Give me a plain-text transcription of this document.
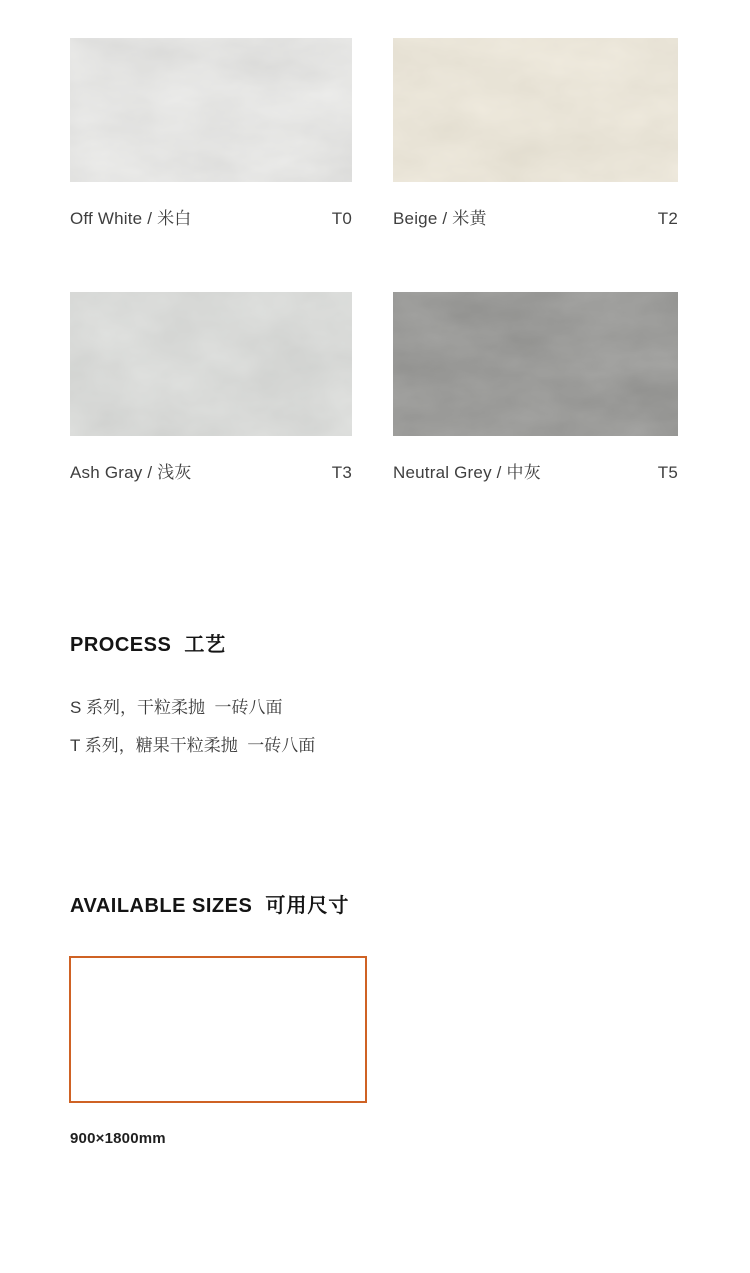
Off White / 米白	T0 Beige / 米黄	T2
Ash Gray / 浅灰	T3 Neutral Grey / 中灰	T5
PROCESS 工艺
S 系列，干粒柔抛  一砖八面
T 系列，糖果干粒柔抛  一砖八面
AVAILABLE SIZES 可用尺寸
900×1800mm
